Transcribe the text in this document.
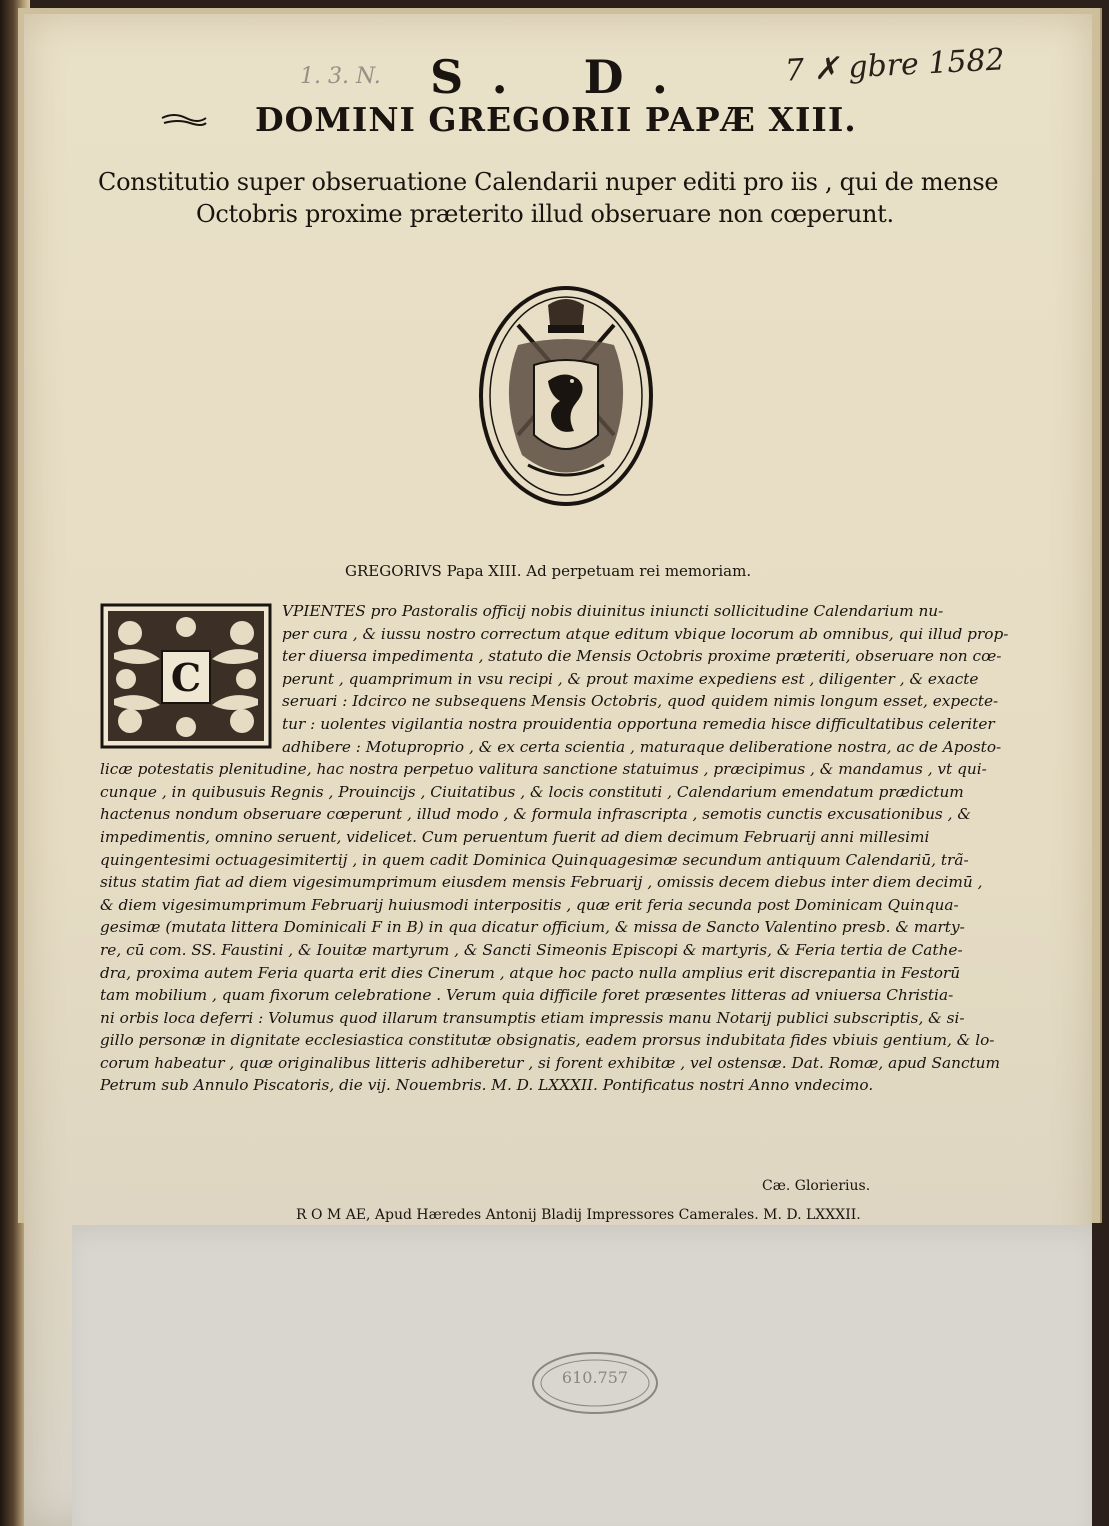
S. D.
1. 3. N.	7 ✗ gbre 1582
DOMINI GREGORII PAPÆ XIII.
Constitutio super obseruatione Calendarii nuper editi pro iis , qui de mense
Octobris proxime præterito illud obseruare non cœperunt.
GREGORIVS Papa XIII. Ad perpetuam rei memoriam.
C
VPIENTES pro Pastoralis officij nobis diuinitus iniuncti sollicitudine Calendarium nu-
per cura , & iussu nostro correctum atque editum vbique locorum ab omnibus, qui illud prop-
ter diuersa impedimenta , statuto die Mensis Octobris proxime præteriti, obseruare non cœ-
perunt , quamprimum in vsu recipi , & prout maxime expediens est , diligenter , & exacte
seruari : Idcirco ne subsequens Mensis Octobris, quod quidem nimis longum esset, expecte-
tur : uolentes vigilantia nostra prouidentia opportuna remedia hisce difficultatibus celeriter
adhibere : Motuproprio , & ex certa scientia , maturaque deliberatione nostra, ac de Aposto-
licæ potestatis plenitudine, hac nostra perpetuo valitura sanctione statuimus , præcipimus , & mandamus , vt qui-
cunque , in quibusuis Regnis , Prouincijs , Ciuitatibus , & locis constituti , Calendarium emendatum prædictum
hactenus nondum obseruare cœperunt , illud modo , & formula infrascripta , semotis cunctis excusationibus , &
impedimentis, omnino seruent, videlicet. Cum peruentum fuerit ad diem decimum Februarij anni millesimi
quingentesimi octuagesimitertij , in quem cadit Dominica Quinquagesimæ secundum antiquum Calendariū, trã-
situs statim fiat ad diem vigesimumprimum eiusdem mensis Februarij , omissis decem diebus inter diem decimū ,
& diem vigesimumprimum Februarij huiusmodi interpositis , quæ erit feria secunda post Dominicam Quinqua-
gesimæ (mutata littera Dominicali F in B) in qua dicatur officium, & missa de Sancto Valentino presb. & marty-
re, cū com. SS. Faustini , & Iouitæ martyrum , & Sancti Simeonis Episcopi & martyris, & Feria tertia de Cathe-
dra, proxima autem Feria quarta erit dies Cinerum , atque hoc pacto nulla amplius erit discrepantia in Festorū
tam mobilium , quam fixorum celebratione . Verum quia difficile foret præsentes litteras ad vniuersa Christia-
ni orbis loca deferri : Volumus quod illarum transumptis etiam impressis manu Notarij publici subscriptis, & si-
gillo personæ in dignitate ecclesiastica constitutæ obsignatis, eadem prorsus indubitata fides vbiuis gentium, & lo-
corum habeatur , quæ originalibus litteris adhiberetur , si forent exhibitæ , vel ostensæ. Dat. Romæ, apud Sanctum
Petrum sub Annulo Piscatoris, die vij. Nouembris. M. D. LXXXII. Pontificatus nostri Anno vndecimo.
Cæ. Glorierius.
R O M AE, Apud Hæredes Antonij Bladij Impressores Camerales. M. D. LXXXII.
610.757
